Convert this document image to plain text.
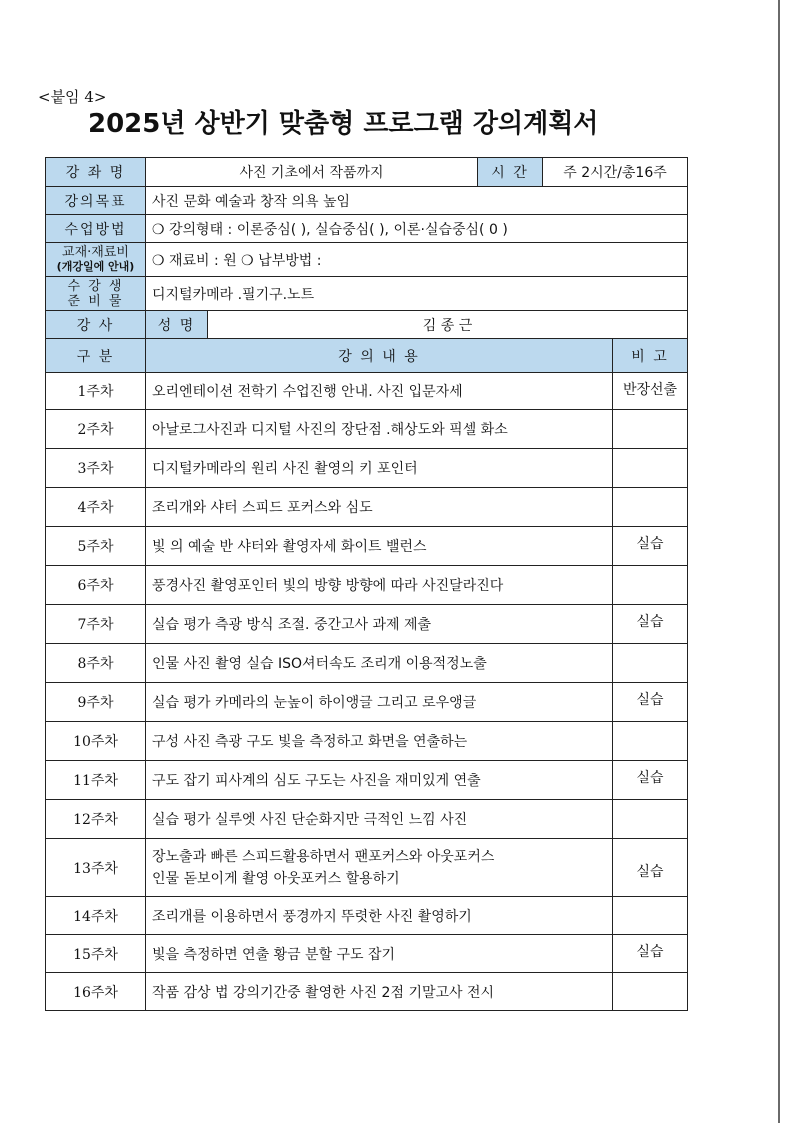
<붙임 4>
2025년 상반기 맞춤형 프로그램 강의계획서
강 좌 명	사진 기초에서 작품까지		시 간	주 2시간/총16주
강의목표	사진 문화 예술과 창작 의욕 높임			
수업방법	❍ 강의형태 : 이론중심( ), 실습중심( ), 이론·실습중심( 0 )			

교재·재료비
(개강일에 안내)	❍ 재료비 : 원 ❍ 납부방법 :			

수 강 생
준 비 물	디지털카메라 .필기구.노트			
강 사	성 명	김 종 근		
구 분	강 의 내 용	비 고
1주차	오리엔테이션 전학기 수업진행 안내. 사진 입문자세	반장선출
2주차	아날로그사진과 디지털 사진의 장단점 .해상도와 픽셀 화소	
3주차	디지털카메라의 원리 사진 촬영의 키 포인터	
4주차	조리개와 샤터 스피드 포커스와 심도	
5주차	빛 의 예술 반 샤터와 촬영자세 화이트 밸런스	실습
6주차	풍경사진 촬영포인터 빛의 방향 방향에 따라 사진달라진다	
7주차	실습 평가 측광 방식 조절. 중간고사 과제 제출	실습
8주차	인물 사진 촬영 실습 ISO셔터속도 조리개 이용적정노출	
9주차	실습 평가 카메라의 눈높이 하이앵글 그리고 로우앵글	실습
10주차	구성 사진 측광 구도 빛을 측정하고 화면을 연출하는	
11주차	구도 잡기 피사계의 심도 구도는 사진을 재미있게 연출	실습
12주차	실습 평가 실루엣 사진 단순화지만 극적인 느낌 사진	
13주차	장노출과 빠른 스피드활용하면서 팬포커스와 아웃포커스
인물 돋보이게 촬영 아웃포커스 할용하기	실습
14주차	조리개를 이용하면서 풍경까지 뚜렷한 사진 촬영하기	
15주차	빛을 측정하면 연출 황금 분할 구도 잡기	실습
16주차	작품 감상 법 강의기간중 촬영한 사진 2점 기말고사 전시	
